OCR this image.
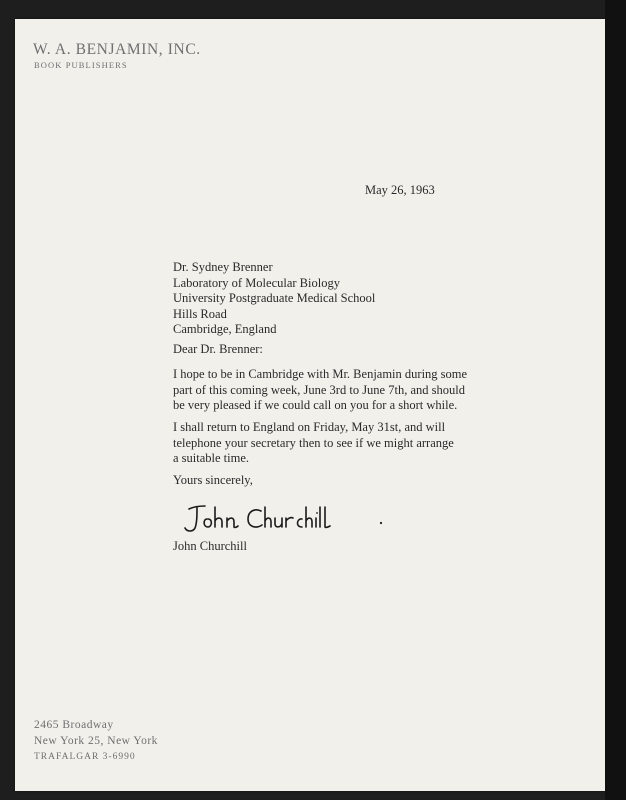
W. A. BENJAMIN, INC.
BOOK PUBLISHERS
May 26, 1963
Dr. Sydney Brenner
Laboratory of Molecular Biology
University Postgraduate Medical School
Hills Road
Cambridge, England
Dear Dr. Brenner:
I hope to be in Cambridge with Mr. Benjamin during some
part of this coming week, June 3rd to June 7th, and should
be very pleased if we could call on you for a short while.
I shall return to England on Friday, May 31st, and will
telephone your secretary then to see if we might arrange
a suitable time.
Yours sincerely,
John Churchill
2465 Broadway
New York 25, New York
TRAFALGAR 3-6990
